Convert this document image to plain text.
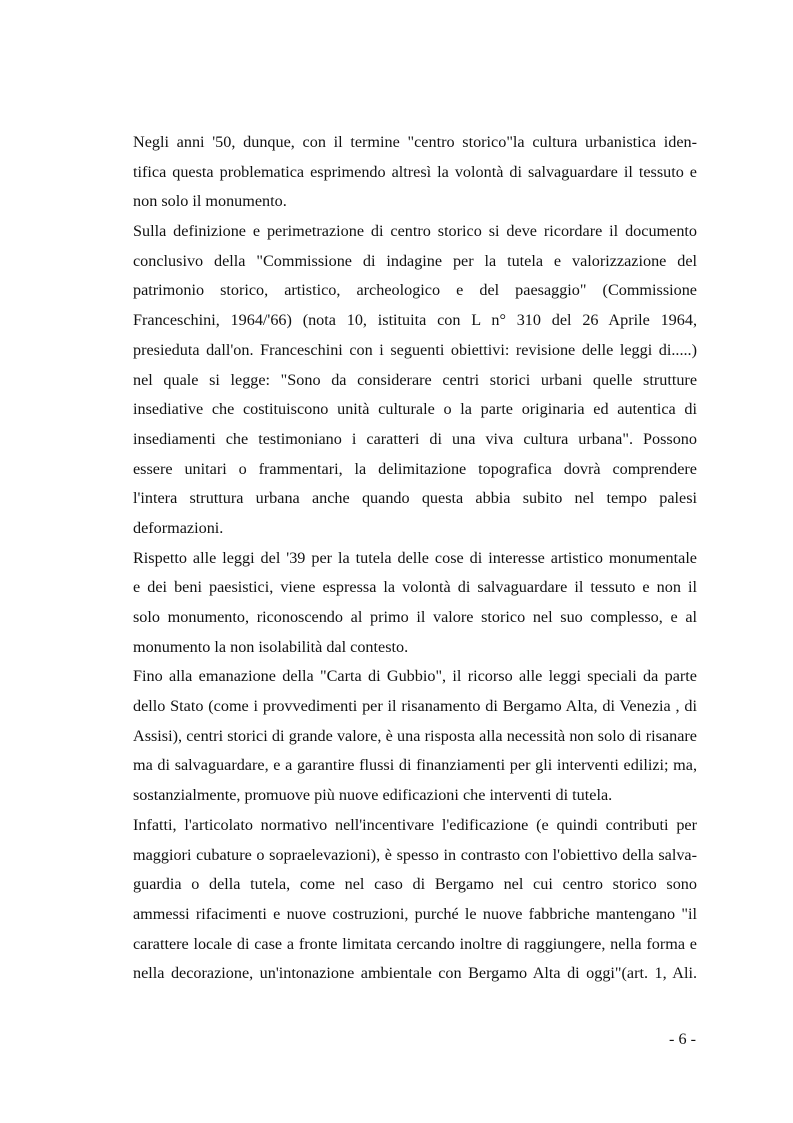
Negli anni '50, dunque, con il termine "centro storico"la cultura urbanistica iden-
tifica questa problematica esprimendo altresì la volontà di salvaguardare il tessuto e
non solo il monumento.
Sulla definizione e perimetrazione di centro storico si deve ricordare il documento
conclusivo della "Commissione di indagine per la tutela e valorizzazione del
patrimonio storico, artistico, archeologico e del paesaggio" (Commissione
Franceschini, 1964/'66) (nota 10, istituita con L n° 310 del 26 Aprile 1964,
presieduta dall'on. Franceschini con i seguenti obiettivi: revisione delle leggi di.....)
nel quale si legge: "Sono da considerare centri storici urbani quelle strutture
insediative che costituiscono unità culturale o la parte originaria ed autentica di
insediamenti che testimoniano i caratteri di una viva cultura urbana". Possono
essere unitari o frammentari, la delimitazione topografica dovrà comprendere
l'intera struttura urbana anche quando questa abbia subito nel tempo palesi
deformazioni.
Rispetto alle leggi del '39 per la tutela delle cose di interesse artistico monumentale
e dei beni paesistici, viene espressa la volontà di salvaguardare il tessuto e non il
solo monumento, riconoscendo al primo il valore storico nel suo complesso, e al
monumento la non isolabilità dal contesto.
Fino alla emanazione della "Carta di Gubbio", il ricorso alle leggi speciali da parte
dello Stato (come i provvedimenti per il risanamento di Bergamo Alta, di Venezia , di
Assisi), centri storici di grande valore, è una risposta alla necessità non solo di risanare
ma di salvaguardare, e a garantire flussi di finanziamenti per gli interventi edilizi; ma,
sostanzialmente, promuove più nuove edificazioni che interventi di tutela.
Infatti, l'articolato normativo nell'incentivare l'edificazione (e quindi contributi per
maggiori cubature o sopraelevazioni), è spesso in contrasto con l'obiettivo della salva-
guardia o della tutela, come nel caso di Bergamo nel cui centro storico sono
ammessi rifacimenti e nuove costruzioni, purché le nuove fabbriche mantengano "il
carattere locale di case a fronte limitata cercando inoltre di raggiungere, nella forma e
nella decorazione, un'intonazione ambientale con Bergamo Alta di oggi"(art. 1, Ali.
- 6 -
